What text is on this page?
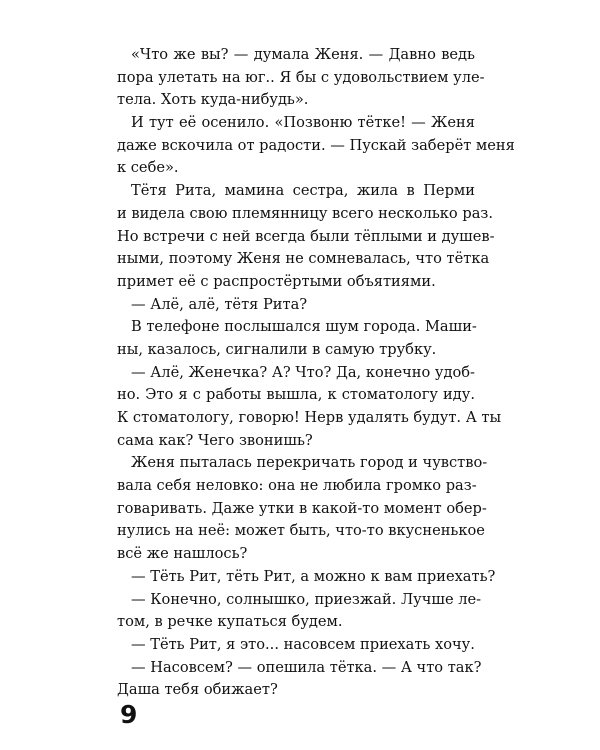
«Что же вы? — думала Женя. — Давно ведь
пора улетать на юг.. Я бы с удовольствием уле-
тела. Хоть куда-нибудь».
И тут её осенило. «Позвоню тётке! — Женя
даже вскочила от радости. — Пускай заберёт меня
к себе».
Тётя Рита, мамина сестра, жила в Перми
и видела свою племянницу всего несколько раз.
Но встречи с ней всегда были тёплыми и душев-
ными, поэтому Женя не сомневалась, что тётка
примет её с распростёртыми объятиями.
— Алё, алё, тётя Рита?
В телефоне послышался шум города. Маши-
ны, казалось, сигналили в самую трубку.
— Алё, Женечка? А? Что? Да, конечно удоб-
но. Это я с работы вышла, к стоматологу иду.
К стоматологу, говорю! Нерв удалять будут. А ты
сама как? Чего звонишь?
Женя пыталась перекричать город и чувство-
вала себя неловко: она не любила громко раз-
говаривать. Даже утки в какой-то момент обер-
нулись на неё: может быть, что-то вкусненькое
всё же нашлось?
— Тёть Рит, тёть Рит, а можно к вам приехать?
— Конечно, солнышко, приезжай. Лучше ле-
том, в речке купаться будем.
— Тёть Рит, я это... насовсем приехать хочу.
— Насовсем? — опешила тётка. — А что так?
Даша тебя обижает?
9
